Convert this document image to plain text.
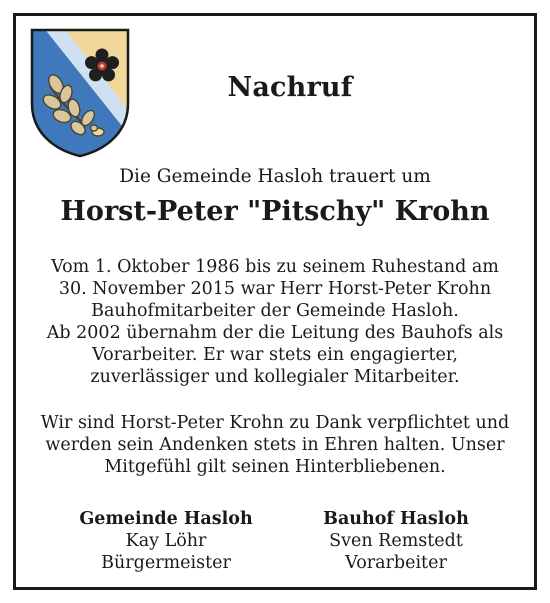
Nachruf
Die Gemeinde Hasloh trauert um
Horst-Peter "Pitschy" Krohn
Vom 1. Oktober 1986 bis zu seinem Ruhestand am
30. November 2015 war Herr Horst-Peter Krohn
Bauhofmitarbeiter der Gemeinde Hasloh.
Ab 2002 übernahm der die Leitung des Bauhofs als
Vorarbeiter. Er war stets ein engagierter,
zuverlässiger und kollegialer Mitarbeiter.
Wir sind Horst-Peter Krohn zu Dank verpflichtet und
werden sein Andenken stets in Ehren halten. Unser
Mitgefühl gilt seinen Hinterbliebenen.
Gemeinde Hasloh
Kay Löhr
Bürgermeister
Bauhof Hasloh
Sven Remstedt
Vorarbeiter
